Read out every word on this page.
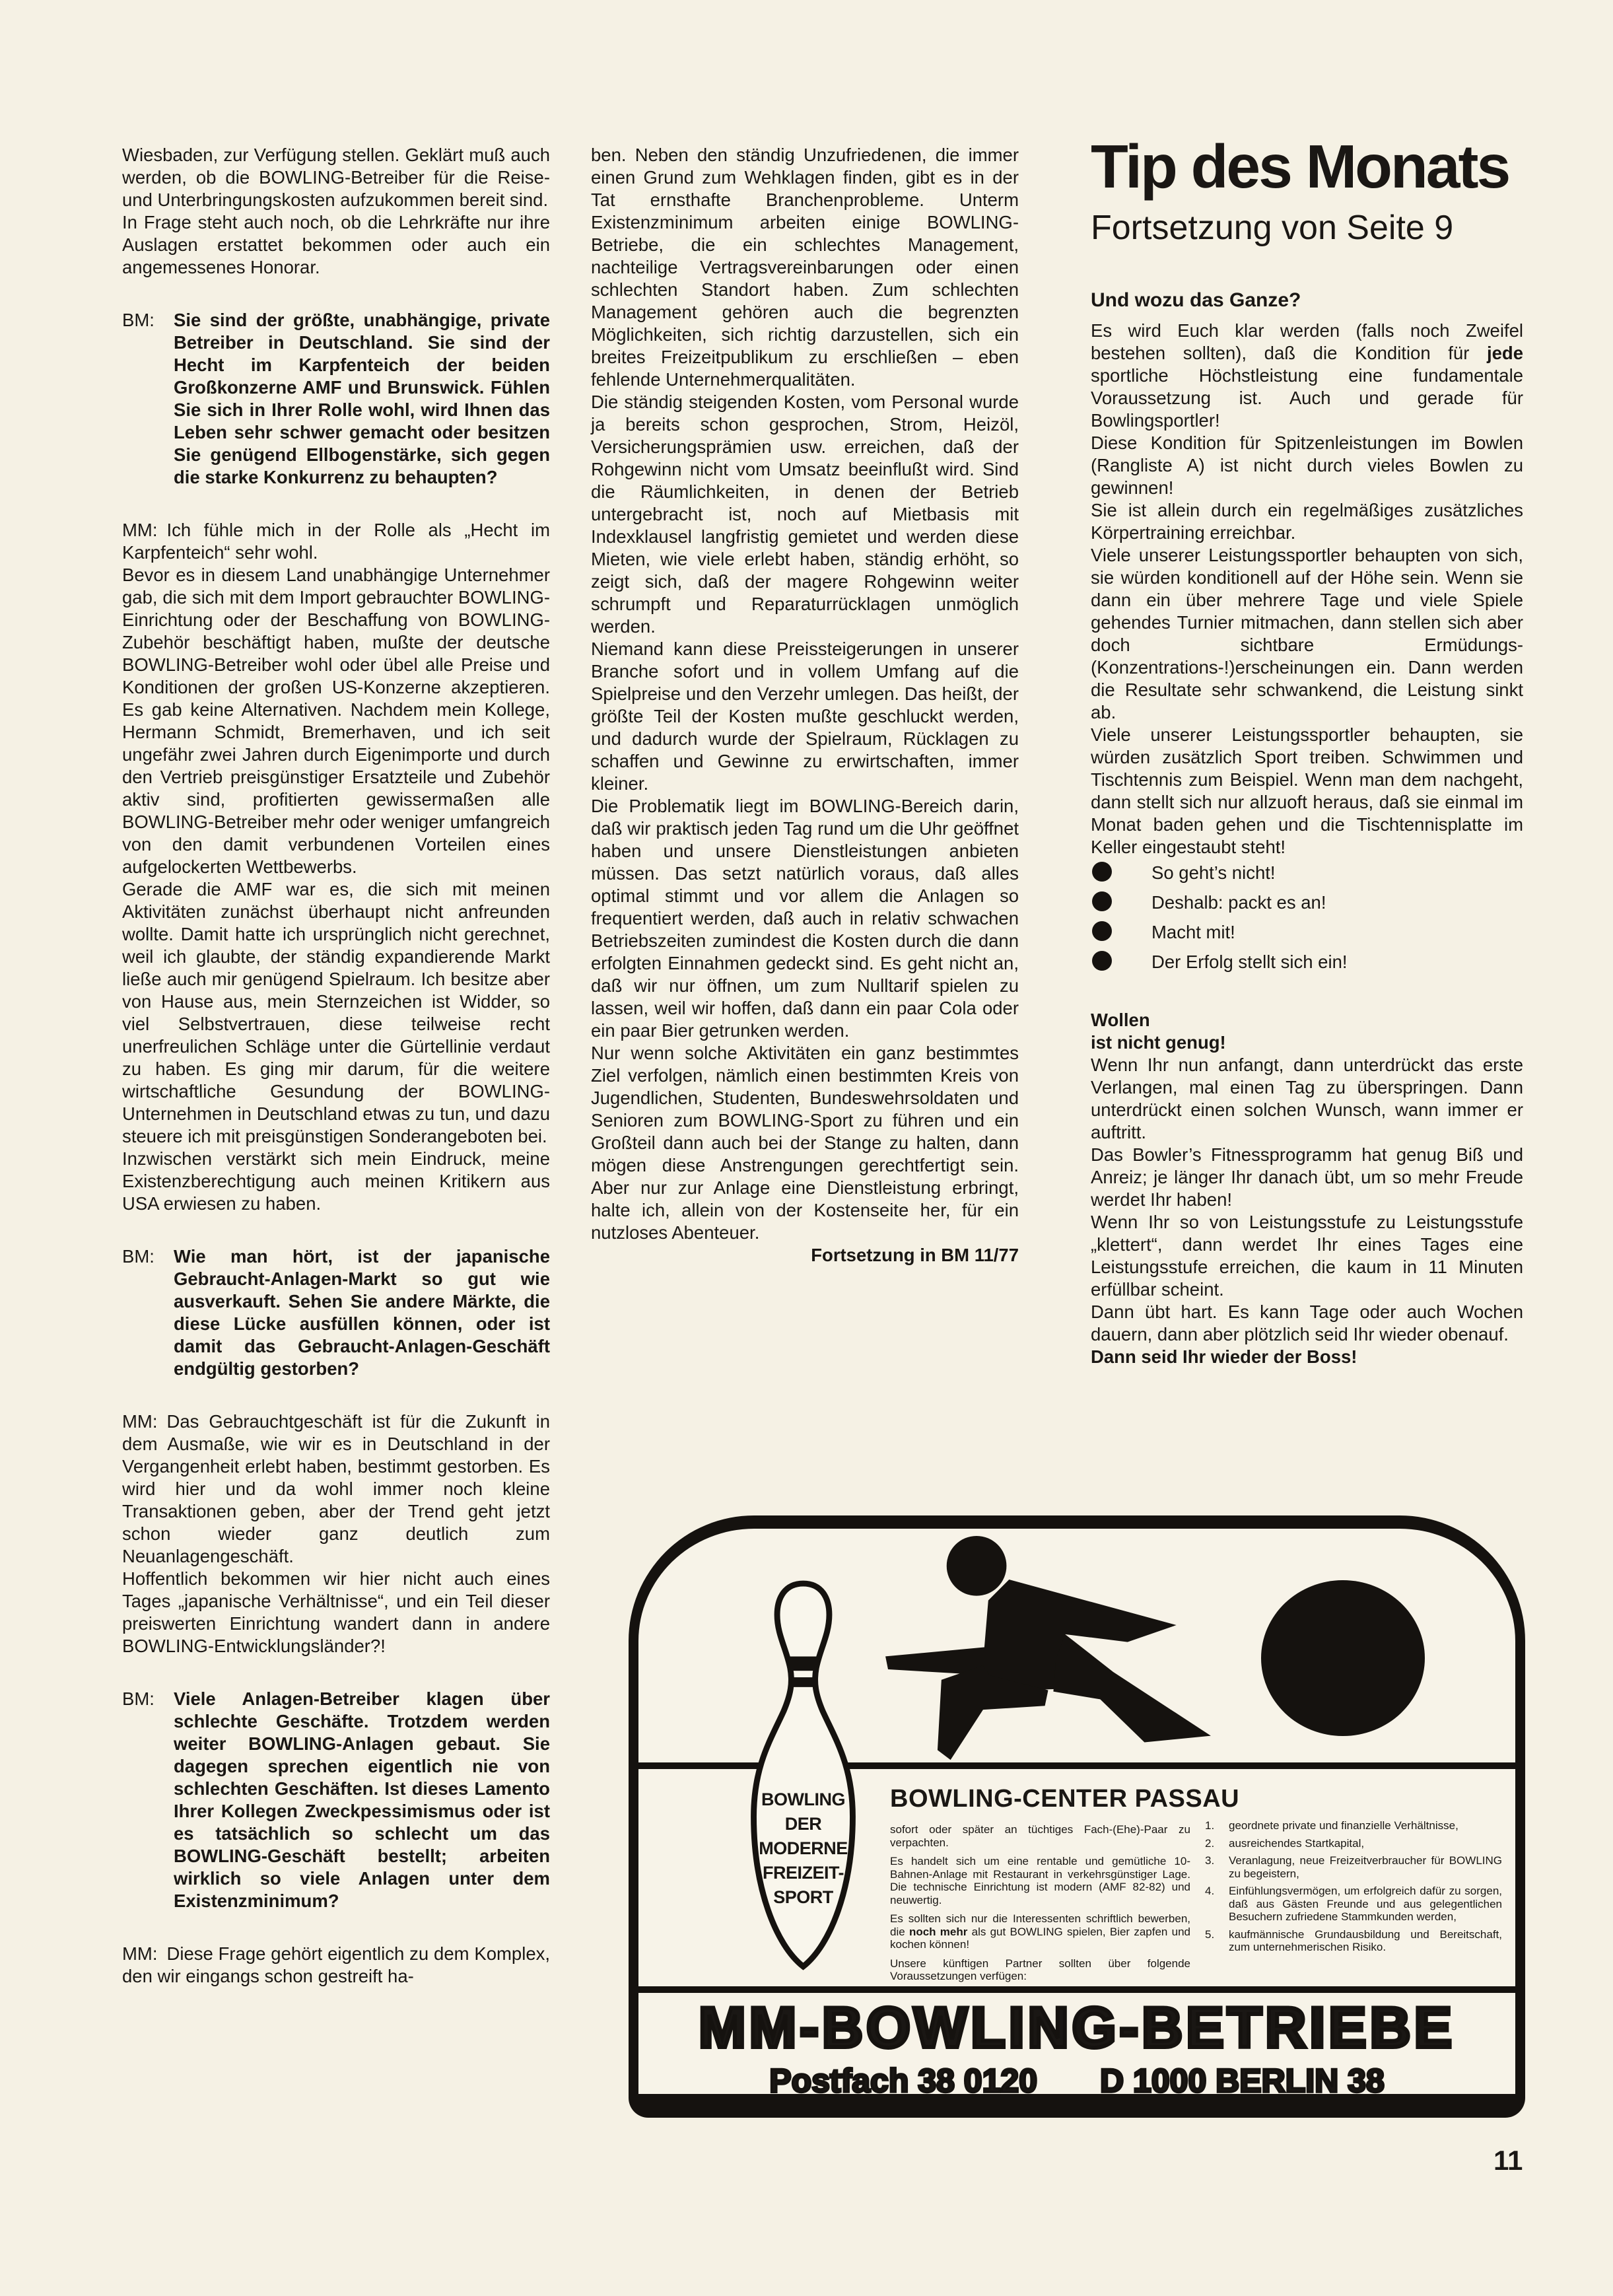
Wiesbaden, zur Verfügung stellen. Geklärt muß auch werden, ob die BOWLING-Betreiber für die Reise- und Unterbringungskosten aufzukommen bereit sind.

In Frage steht auch noch, ob die Lehrkräfte nur ihre Auslagen erstattet bekommen oder auch ein angemessenes Honorar.

BM: Sie sind der größte, unabhängige, private Betreiber in Deutschland. Sie sind der Hecht im Karpfenteich der beiden Großkonzerne AMF und Brunswick. Fühlen Sie sich in Ihrer Rolle wohl, wird Ihnen das Leben sehr schwer gemacht oder besitzen Sie genügend Ellbogenstärke, sich gegen die starke Konkurrenz zu behaupten?

MM: Ich fühle mich in der Rolle als „Hecht im Karpfenteich“ sehr wohl.

Bevor es in diesem Land unabhängige Unternehmer gab, die sich mit dem Import gebrauchter BOWLING-Einrichtung oder der Beschaffung von BOWLING-Zubehör beschäftigt haben, mußte der deutsche BOWLING-Betreiber wohl oder übel alle Preise und Konditionen der großen US-Konzerne akzeptieren. Es gab keine Alternativen. Nachdem mein Kollege, Hermann Schmidt, Bremerhaven, und ich seit ungefähr zwei Jahren durch Eigenimporte und durch den Vertrieb preisgünstiger Ersatzteile und Zubehör aktiv sind, profitierten gewissermaßen alle BOWLING-Betreiber mehr oder weniger umfangreich von den damit verbundenen Vorteilen eines aufgelockerten Wettbewerbs.

Gerade die AMF war es, die sich mit meinen Aktivitäten zunächst überhaupt nicht anfreunden wollte. Damit hatte ich ursprünglich nicht gerechnet, weil ich glaubte, der ständig expandierende Markt ließe auch mir genügend Spielraum. Ich besitze aber von Hause aus, mein Sternzeichen ist Widder, so viel Selbstvertrauen, diese teilweise recht unerfreulichen Schläge unter die Gürtellinie verdaut zu haben. Es ging mir darum, für die weitere wirtschaftliche Gesundung der BOWLING-Unternehmen in Deutschland etwas zu tun, und dazu steuere ich mit preisgünstigen Sonderangeboten bei.

Inzwischen verstärkt sich mein Eindruck, meine Existenzberechtigung auch meinen Kritikern aus USA erwiesen zu haben.

BM: Wie man hört, ist der japanische Gebraucht-Anlagen-Markt so gut wie ausverkauft. Sehen Sie andere Märkte, die diese Lücke ausfüllen können, oder ist damit das Gebraucht-Anlagen-Geschäft endgültig gestorben?

MM: Das Gebrauchtgeschäft ist für die Zukunft in dem Ausmaße, wie wir es in Deutschland in der Vergangenheit erlebt haben, bestimmt gestorben. Es wird hier und da wohl immer noch kleine Transaktionen geben, aber der Trend geht jetzt schon wieder ganz deutlich zum Neuanlagengeschäft.

Hoffentlich bekommen wir hier nicht auch eines Tages „japanische Verhältnisse“, und ein Teil dieser preiswerten Einrichtung wandert dann in andere BOWLING-Entwicklungsländer?!

BM: Viele Anlagen-Betreiber klagen über schlechte Geschäfte. Trotzdem werden weiter BOWLING-Anlagen gebaut. Sie dagegen sprechen eigentlich nie von schlechten Geschäften. Ist dieses Lamento Ihrer Kollegen Zweckpessimismus oder ist es tatsächlich so schlecht um das BOWLING-Geschäft bestellt; arbeiten wirklich so viele Anlagen unter dem Existenzminimum?

MM: Diese Frage gehört eigentlich zu dem Komplex, den wir eingangs schon gestreift ha-

ben. Neben den ständig Unzufriedenen, die immer einen Grund zum Wehklagen finden, gibt es in der Tat ernsthafte Branchenprobleme. Unterm Existenzminimum arbeiten einige BOWLING-Betriebe, die ein schlechtes Management, nachteilige Vertragsvereinbarungen oder einen schlechten Standort haben. Zum schlechten Management gehören auch die begrenzten Möglichkeiten, sich richtig darzustellen, sich ein breites Freizeitpublikum zu erschließen – eben fehlende Unternehmerqualitäten.

Die ständig steigenden Kosten, vom Personal wurde ja bereits schon gesprochen, Strom, Heizöl, Versicherungsprämien usw. erreichen, daß der Rohgewinn nicht vom Umsatz beeinflußt wird. Sind die Räumlichkeiten, in denen der Betrieb untergebracht ist, noch auf Mietbasis mit Indexklausel langfristig gemietet und werden diese Mieten, wie viele erlebt haben, ständig erhöht, so zeigt sich, daß der magere Rohgewinn weiter schrumpft und Reparaturrücklagen unmöglich werden.

Niemand kann diese Preissteigerungen in unserer Branche sofort und in vollem Umfang auf die Spielpreise und den Verzehr umlegen. Das heißt, der größte Teil der Kosten mußte geschluckt werden, und dadurch wurde der Spielraum, Rücklagen zu schaffen und Gewinne zu erwirtschaften, immer kleiner.

Die Problematik liegt im BOWLING-Bereich darin, daß wir praktisch jeden Tag rund um die Uhr geöffnet haben und unsere Dienstleistungen anbieten müssen. Das setzt natürlich voraus, daß alles optimal stimmt und vor allem die Anlagen so frequentiert werden, daß auch in relativ schwachen Betriebszeiten zumindest die Kosten durch die dann erfolgten Einnahmen gedeckt sind. Es geht nicht an, daß wir nur öffnen, um zum Nulltarif spielen zu lassen, weil wir hoffen, daß dann ein paar Cola oder ein paar Bier getrunken werden.

Nur wenn solche Aktivitäten ein ganz bestimmtes Ziel verfolgen, nämlich einen bestimmten Kreis von Jugendlichen, Studenten, Bundeswehrsoldaten und Senioren zum BOWLING-Sport zu führen und ein Großteil dann auch bei der Stange zu halten, dann mögen diese Anstrengungen gerechtfertigt sein. Aber nur zur Anlage eine Dienstleistung erbringt, halte ich, allein von der Kostenseite her, für ein nutzloses Abenteuer.

Fortsetzung in BM 11/77

Tip des Monats
Fortsetzung von Seite 9
Und wozu das Ganze?

Es wird Euch klar werden (falls noch Zweifel bestehen sollten), daß die Kondition für jede sportliche Höchstleistung eine fundamentale Voraussetzung ist. Auch und gerade für Bowlingsportler!

Diese Kondition für Spitzenleistungen im Bowlen (Rangliste A) ist nicht durch vieles Bowlen zu gewinnen!

Sie ist allein durch ein regelmäßiges zusätzliches Körpertraining erreichbar.

Viele unserer Leistungssportler behaupten von sich, sie würden konditionell auf der Höhe sein. Wenn sie dann ein über mehrere Tage und viele Spiele gehendes Turnier mitmachen, dann stellen sich aber doch sichtbare Ermüdungs-(Konzentrations-!)erscheinungen ein. Dann werden die Resultate sehr schwankend, die Leistung sinkt ab.

Viele unserer Leistungssportler behaupten, sie würden zusätzlich Sport treiben. Schwimmen und Tischtennis zum Beispiel. Wenn man dem nachgeht, dann stellt sich nur allzuoft heraus, daß sie einmal im Monat baden gehen und die Tischtennisplatte im Keller eingestaubt steht!

So geht’s nicht!
Deshalb: packt es an!
Macht mit!
Der Erfolg stellt sich ein!

Wollen

ist nicht genug!

Wenn Ihr nun anfangt, dann unterdrückt das erste Verlangen, mal einen Tag zu überspringen. Dann unterdrückt einen solchen Wunsch, wann immer er auftritt.

Das Bowler’s Fitnessprogramm hat genug Biß und Anreiz; je länger Ihr danach übt, um so mehr Freude werdet Ihr haben!

Wenn Ihr so von Leistungsstufe zu Leistungsstufe „klettert“, dann werdet Ihr eines Tages eine Leistungsstufe erreichen, die kaum in 11 Minuten erfüllbar scheint.

Dann übt hart. Es kann Tage oder auch Wochen dauern, dann aber plötzlich seid Ihr wieder obenauf.

Dann seid Ihr wieder der Boss!

BOWLING
DER
MODERNE
FREIZEIT-
SPORT
BOWLING-CENTER PASSAU

sofort oder später an tüchtiges Fach-(Ehe)-Paar zu verpachten.

Es handelt sich um eine rentable und gemütliche 10-Bahnen-Anlage mit Restaurant in verkehrsgünstiger Lage. Die technische Einrichtung ist modern (AMF 82-82) und neuwertig.

Es sollten sich nur die Interessenten schriftlich bewerben, die noch mehr als gut BOWLING spielen, Bier zapfen und kochen können!

Unsere künftigen Partner sollten über folgende Voraussetzungen verfügen:

1.	geordnete private und finanzielle Verhältnisse,
2.	ausreichendes Startkapital,
3.	Veranlagung, neue Freizeitverbraucher für BOWLING zu begeistern,
4.	Einfühlungsvermögen, um erfolgreich dafür zu sorgen, daß aus Gästen Freunde und aus gelegentlichen Besuchern zufriedene Stammkunden werden,
5.	kaufmännische Grundausbildung und Bereitschaft, zum unternehmerischen Risiko.
MM-BOWLING-BETRIEBE
Postfach 38 0120 D 1000 BERLIN 38
11
